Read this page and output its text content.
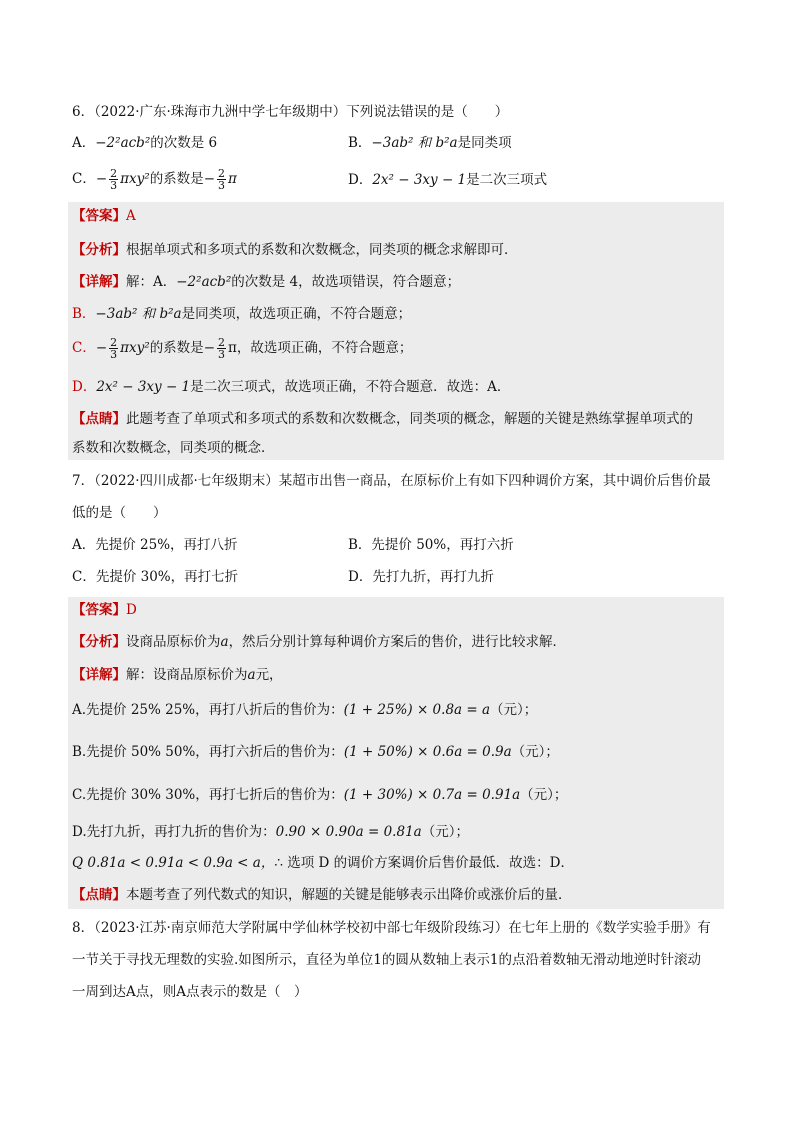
6．（2022·广东·珠海市九洲中学七年级期中）下列说法错误的是（　　）
A．−2²acb²的次数是 6	B．−3ab² 和 b²a是同类项
C．− $\frac{2}{3} \pi xy^2$的系数是− $\frac{2}{3}$ π	D．2x² − 3xy − 1是二次三项式
【答案】A
【分析】根据单项式和多项式的系数和次数概念，同类项的概念求解即可．
【详解】解：A．−2²acb²的次数是 4，故选项错误，符合题意；
B．−3ab² 和 b²a是同类项，故选项正确，不符合题意；
C．− $\frac{2}{3} \pi xy^2$的系数是− $\frac{2}{3}$ π，故选项正确，不符合题意；
D．2x² − 3xy − 1是二次三项式，故选项正确，不符合题意．故选：A．
【点睛】此题考查了单项式和多项式的系数和次数概念，同类项的概念，解题的关键是熟练掌握单项式的
系数和次数概念，同类项的概念．
7．（2022·四川成都·七年级期末）某超市出售一商品，在原标价上有如下四种调价方案，其中调价后售价最
低的是（　　）
A．先提价 25%，再打八折	B．先提价 50%，再打六折
C．先提价 30%，再打七折	D．先打九折，再打九折
【答案】D
【分析】设商品原标价为a，然后分别计算每种调价方案后的售价，进行比较求解．
【详解】解：设商品原标价为a元，
A.先提价 25% 25%，再打八折后的售价为：(1 + 25%) × 0.8a = a（元）；
B.先提价 50% 50%，再打六折后的售价为：(1 + 50%) × 0.6a = 0.9a（元）；
C.先提价 30% 30%，再打七折后的售价为：(1 + 30%) × 0.7a = 0.91a（元）；
D.先打九折，再打九折的售价为：0.90 × 0.90a = 0.81a（元）；
Q 0.81a < 0.91a < 0.9a < a，∴ 选项 D 的调价方案调价后售价最低．故选：D．
【点睛】本题考查了列代数式的知识，解题的关键是能够表示出降价或涨价后的量．
8．（2023·江苏·南京师范大学附属中学仙林学校初中部七年级阶段练习）在七年上册的《数学实验手册》有
一节关于寻找无理数的实验.如图所示，直径为单位1的圆从数轴上表示1的点沿着数轴无滑动地逆时针滚动
一周到达A点，则A点表示的数是（　）
